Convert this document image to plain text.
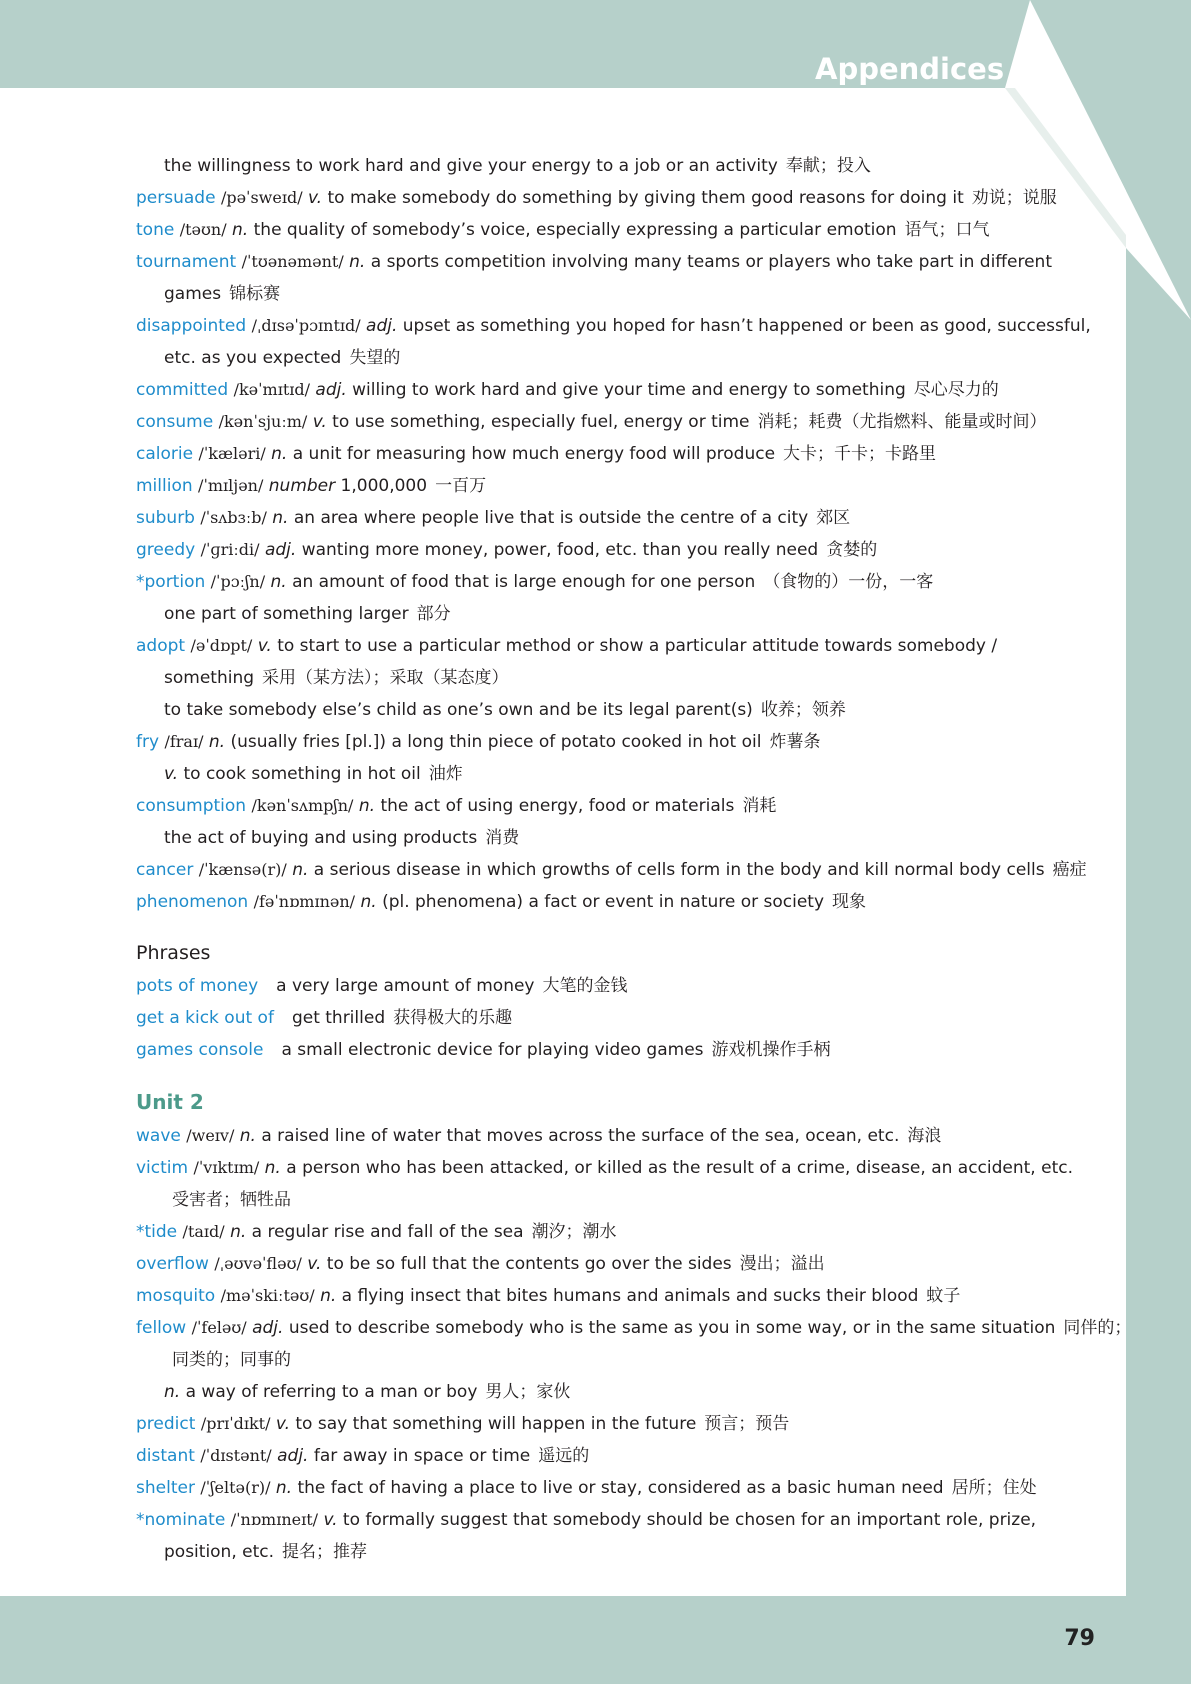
Appendices
the willingness to work hard and give your energy to a job or an activity 奉献；投入
persuade /pəˈsweɪd/ v. to make somebody do something by giving them good reasons for doing it 劝说；说服
tone /təʊn/ n. the quality of somebody’s voice, especially expressing a particular emotion 语气；口气
tournament /ˈtʊənəmənt/ n. a sports competition involving many teams or players who take part in different
games 锦标赛
disappointed /ˌdɪsəˈpɔɪntɪd/ adj. upset as something you hoped for hasn’t happened or been as good, successful,
etc. as you expected 失望的
committed /kəˈmɪtɪd/ adj. willing to work hard and give your time and energy to something 尽心尽力的
consume /kənˈsjuːm/ v. to use something, especially fuel, energy or time 消耗；耗费（尤指燃料、能量或时间）
calorie /ˈkæləri/ n. a unit for measuring how much energy food will produce 大卡；千卡；卡路里
million /ˈmɪljən/ number 1,000,000 一百万
suburb /ˈsʌbɜːb/ n. an area where people live that is outside the centre of a city 郊区
greedy /ˈɡriːdi/ adj. wanting more money, power, food, etc. than you really need 贪婪的
*portion /ˈpɔːʃn/ n. an amount of food that is large enough for one person （食物的）一份，一客
one part of something larger 部分
adopt /əˈdɒpt/ v. to start to use a particular method or show a particular attitude towards somebody /
something 采用（某方法）；采取（某态度）
to take somebody else’s child as one’s own and be its legal parent(s) 收养；领养
fry /fraɪ/ n. (usually fries [pl.]) a long thin piece of potato cooked in hot oil 炸薯条
v. to cook something in hot oil 油炸
consumption /kənˈsʌmpʃn/ n. the act of using energy, food or materials 消耗
the act of buying and using products 消费
cancer /ˈkænsə(r)/ n. a serious disease in which growths of cells form in the body and kill normal body cells 癌症
phenomenon /fəˈnɒmɪnən/ n. (pl. phenomena) a fact or event in nature or society 现象
Phrases
pots of money a very large amount of money 大笔的金钱
get a kick out of get thrilled 获得极大的乐趣
games console a small electronic device for playing video games 游戏机操作手柄
Unit 2
wave /weɪv/ n. a raised line of water that moves across the surface of the sea, ocean, etc. 海浪
victim /ˈvɪktɪm/ n. a person who has been attacked, or killed as the result of a crime, disease, an accident, etc.
受害者；牺牲品
*tide /taɪd/ n. a regular rise and fall of the sea 潮汐；潮水
overflow /ˌəʊvəˈfləʊ/ v. to be so full that the contents go over the sides 漫出；溢出
mosquito /məˈskiːtəʊ/ n. a flying insect that bites humans and animals and sucks their blood 蚊子
fellow /ˈfeləʊ/ adj. used to describe somebody who is the same as you in some way, or in the same situation 同伴的；
同类的；同事的
n. a way of referring to a man or boy 男人；家伙
predict /prɪˈdɪkt/ v. to say that something will happen in the future 预言；预告
distant /ˈdɪstənt/ adj. far away in space or time 遥远的
shelter /ˈʃeltə(r)/ n. the fact of having a place to live or stay, considered as a basic human need 居所；住处
*nominate /ˈnɒmɪneɪt/ v. to formally suggest that somebody should be chosen for an important role, prize,
position, etc. 提名；推荐
79
